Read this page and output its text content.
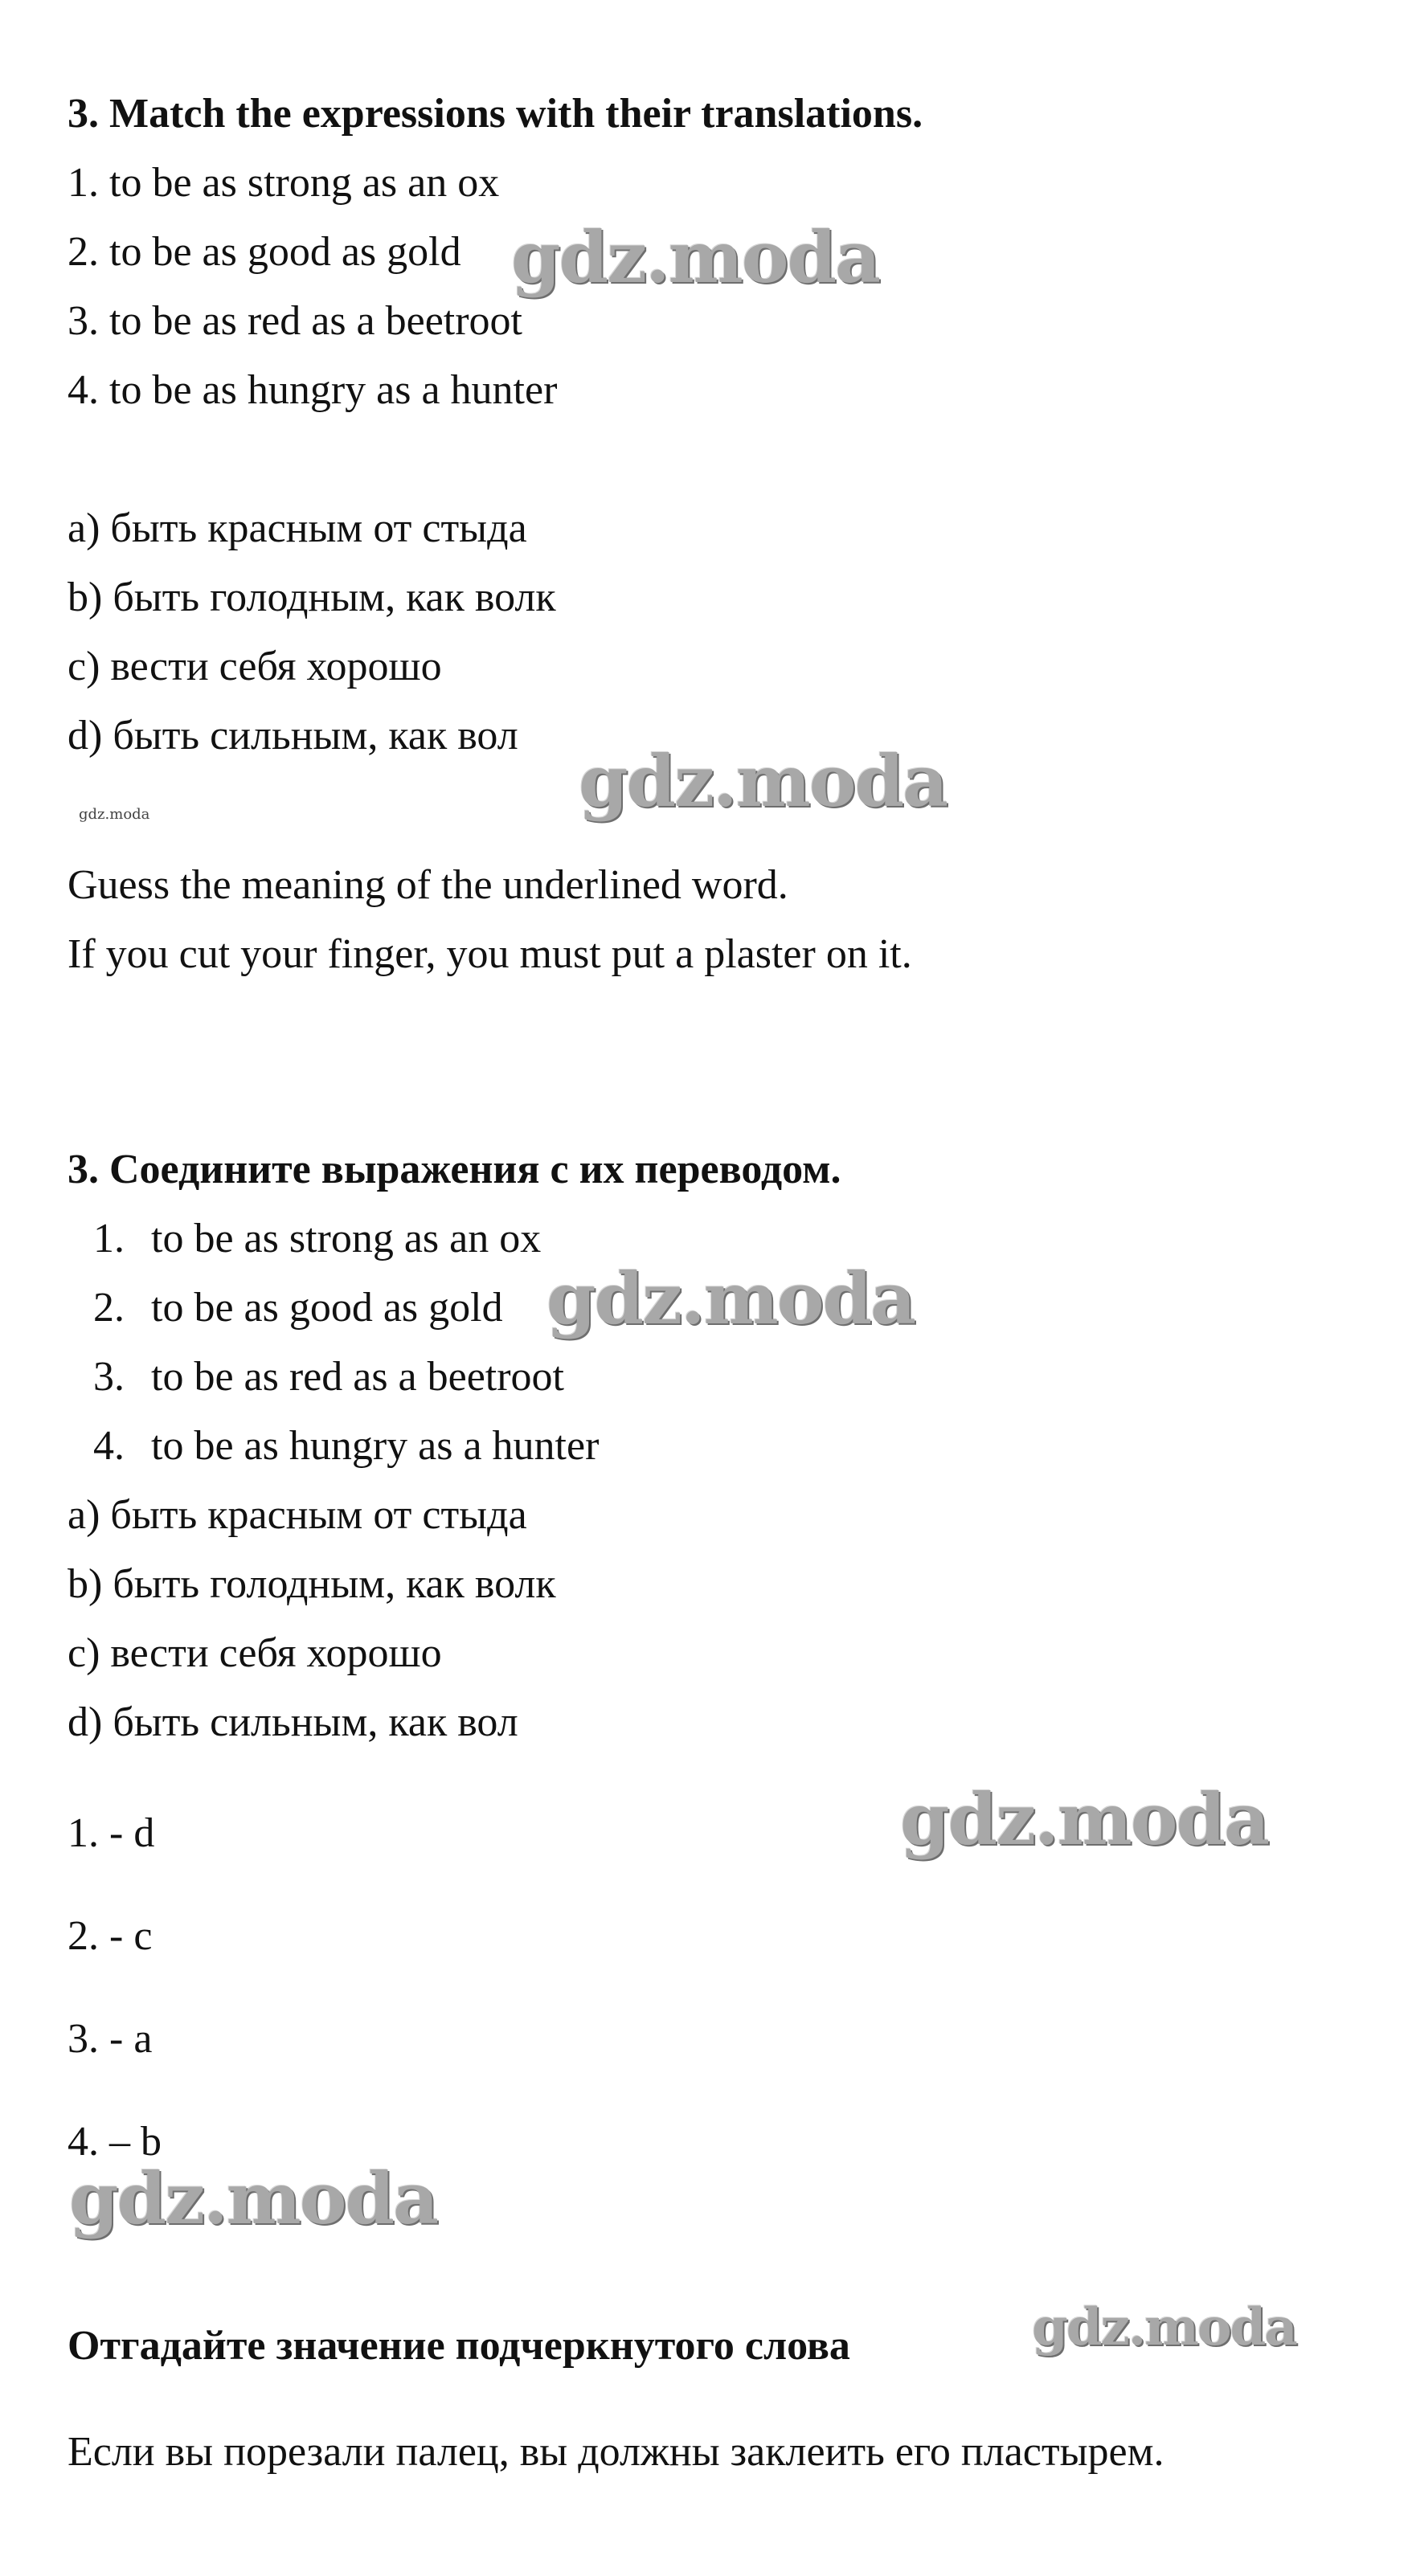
3. Match the expressions with their translations.
1. to be as strong as an ox
2. to be as good as gold
3. to be as red as a beetroot
4. to be as hungry as a hunter
a) быть красным от стыда
b) быть голодным, как волк
c) вести себя хорошо
d) быть сильным, как вол
Guess the meaning of the underlined word.
If you cut your finger, you must put a plaster on it.
3. Соедините выражения с их переводом.
1. to be as strong as an ox
2. to be as good as gold
3. to be as red as a beetroot
4. to be as hungry as a hunter
a) быть красным от стыда
b) быть голодным, как волк
c) вести себя хорошо
d) быть сильным, как вол
1. - d
2. - c
3. - a
4. – b
Отгадайте значение подчеркнутого слова
Если вы порезали палец, вы должны заклеить его пластырем.
gdz.moda
gdz.moda
gdz.moda
gdz.moda
gdz.moda
gdz.moda
gdz.moda
